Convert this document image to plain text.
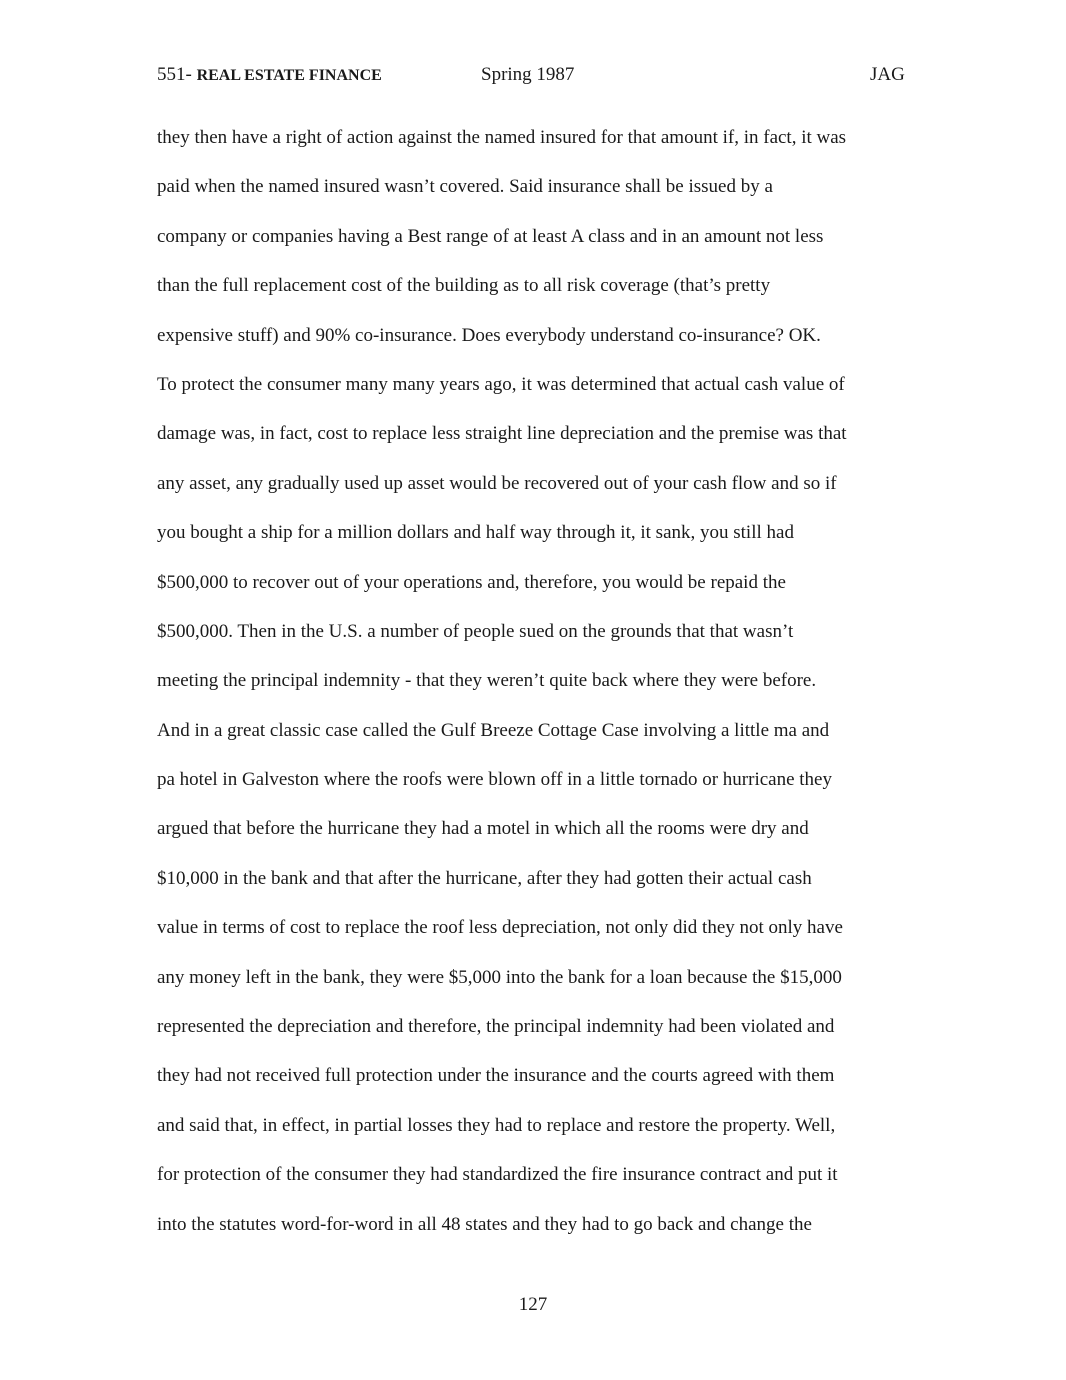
551- REAL ESTATE FINANCE	Spring 1987	JAG
they then have a right of action against the named insured for that amount if, in fact, it was
paid when the named insured wasn’t covered. Said insurance shall be issued by a
company or companies having a Best range of at least A class and in an amount not less
than the full replacement cost of the building as to all risk coverage (that’s pretty
expensive stuff) and 90% co-insurance. Does everybody understand co-insurance? OK.
To protect the consumer many many years ago, it was determined that actual cash value of
damage was, in fact, cost to replace less straight line depreciation and the premise was that
any asset, any gradually used up asset would be recovered out of your cash flow and so if
you bought a ship for a million dollars and half way through it, it sank, you still had
$500,000 to recover out of your operations and, therefore, you would be repaid the
$500,000. Then in the U.S. a number of people sued on the grounds that that wasn’t
meeting the principal indemnity - that they weren’t quite back where they were before.
And in a great classic case called the Gulf Breeze Cottage Case involving a little ma and
pa hotel in Galveston where the roofs were blown off in a little tornado or hurricane they
argued that before the hurricane they had a motel in which all the rooms were dry and
$10,000 in the bank and that after the hurricane, after they had gotten their actual cash
value in terms of cost to replace the roof less depreciation, not only did they not only have
any money left in the bank, they were $5,000 into the bank for a loan because the $15,000
represented the depreciation and therefore, the principal indemnity had been violated and
they had not received full protection under the insurance and the courts agreed with them
and said that, in effect, in partial losses they had to replace and restore the property. Well,
for protection of the consumer they had standardized the fire insurance contract and put it
into the statutes word-for-word in all 48 states and they had to go back and change the
127
